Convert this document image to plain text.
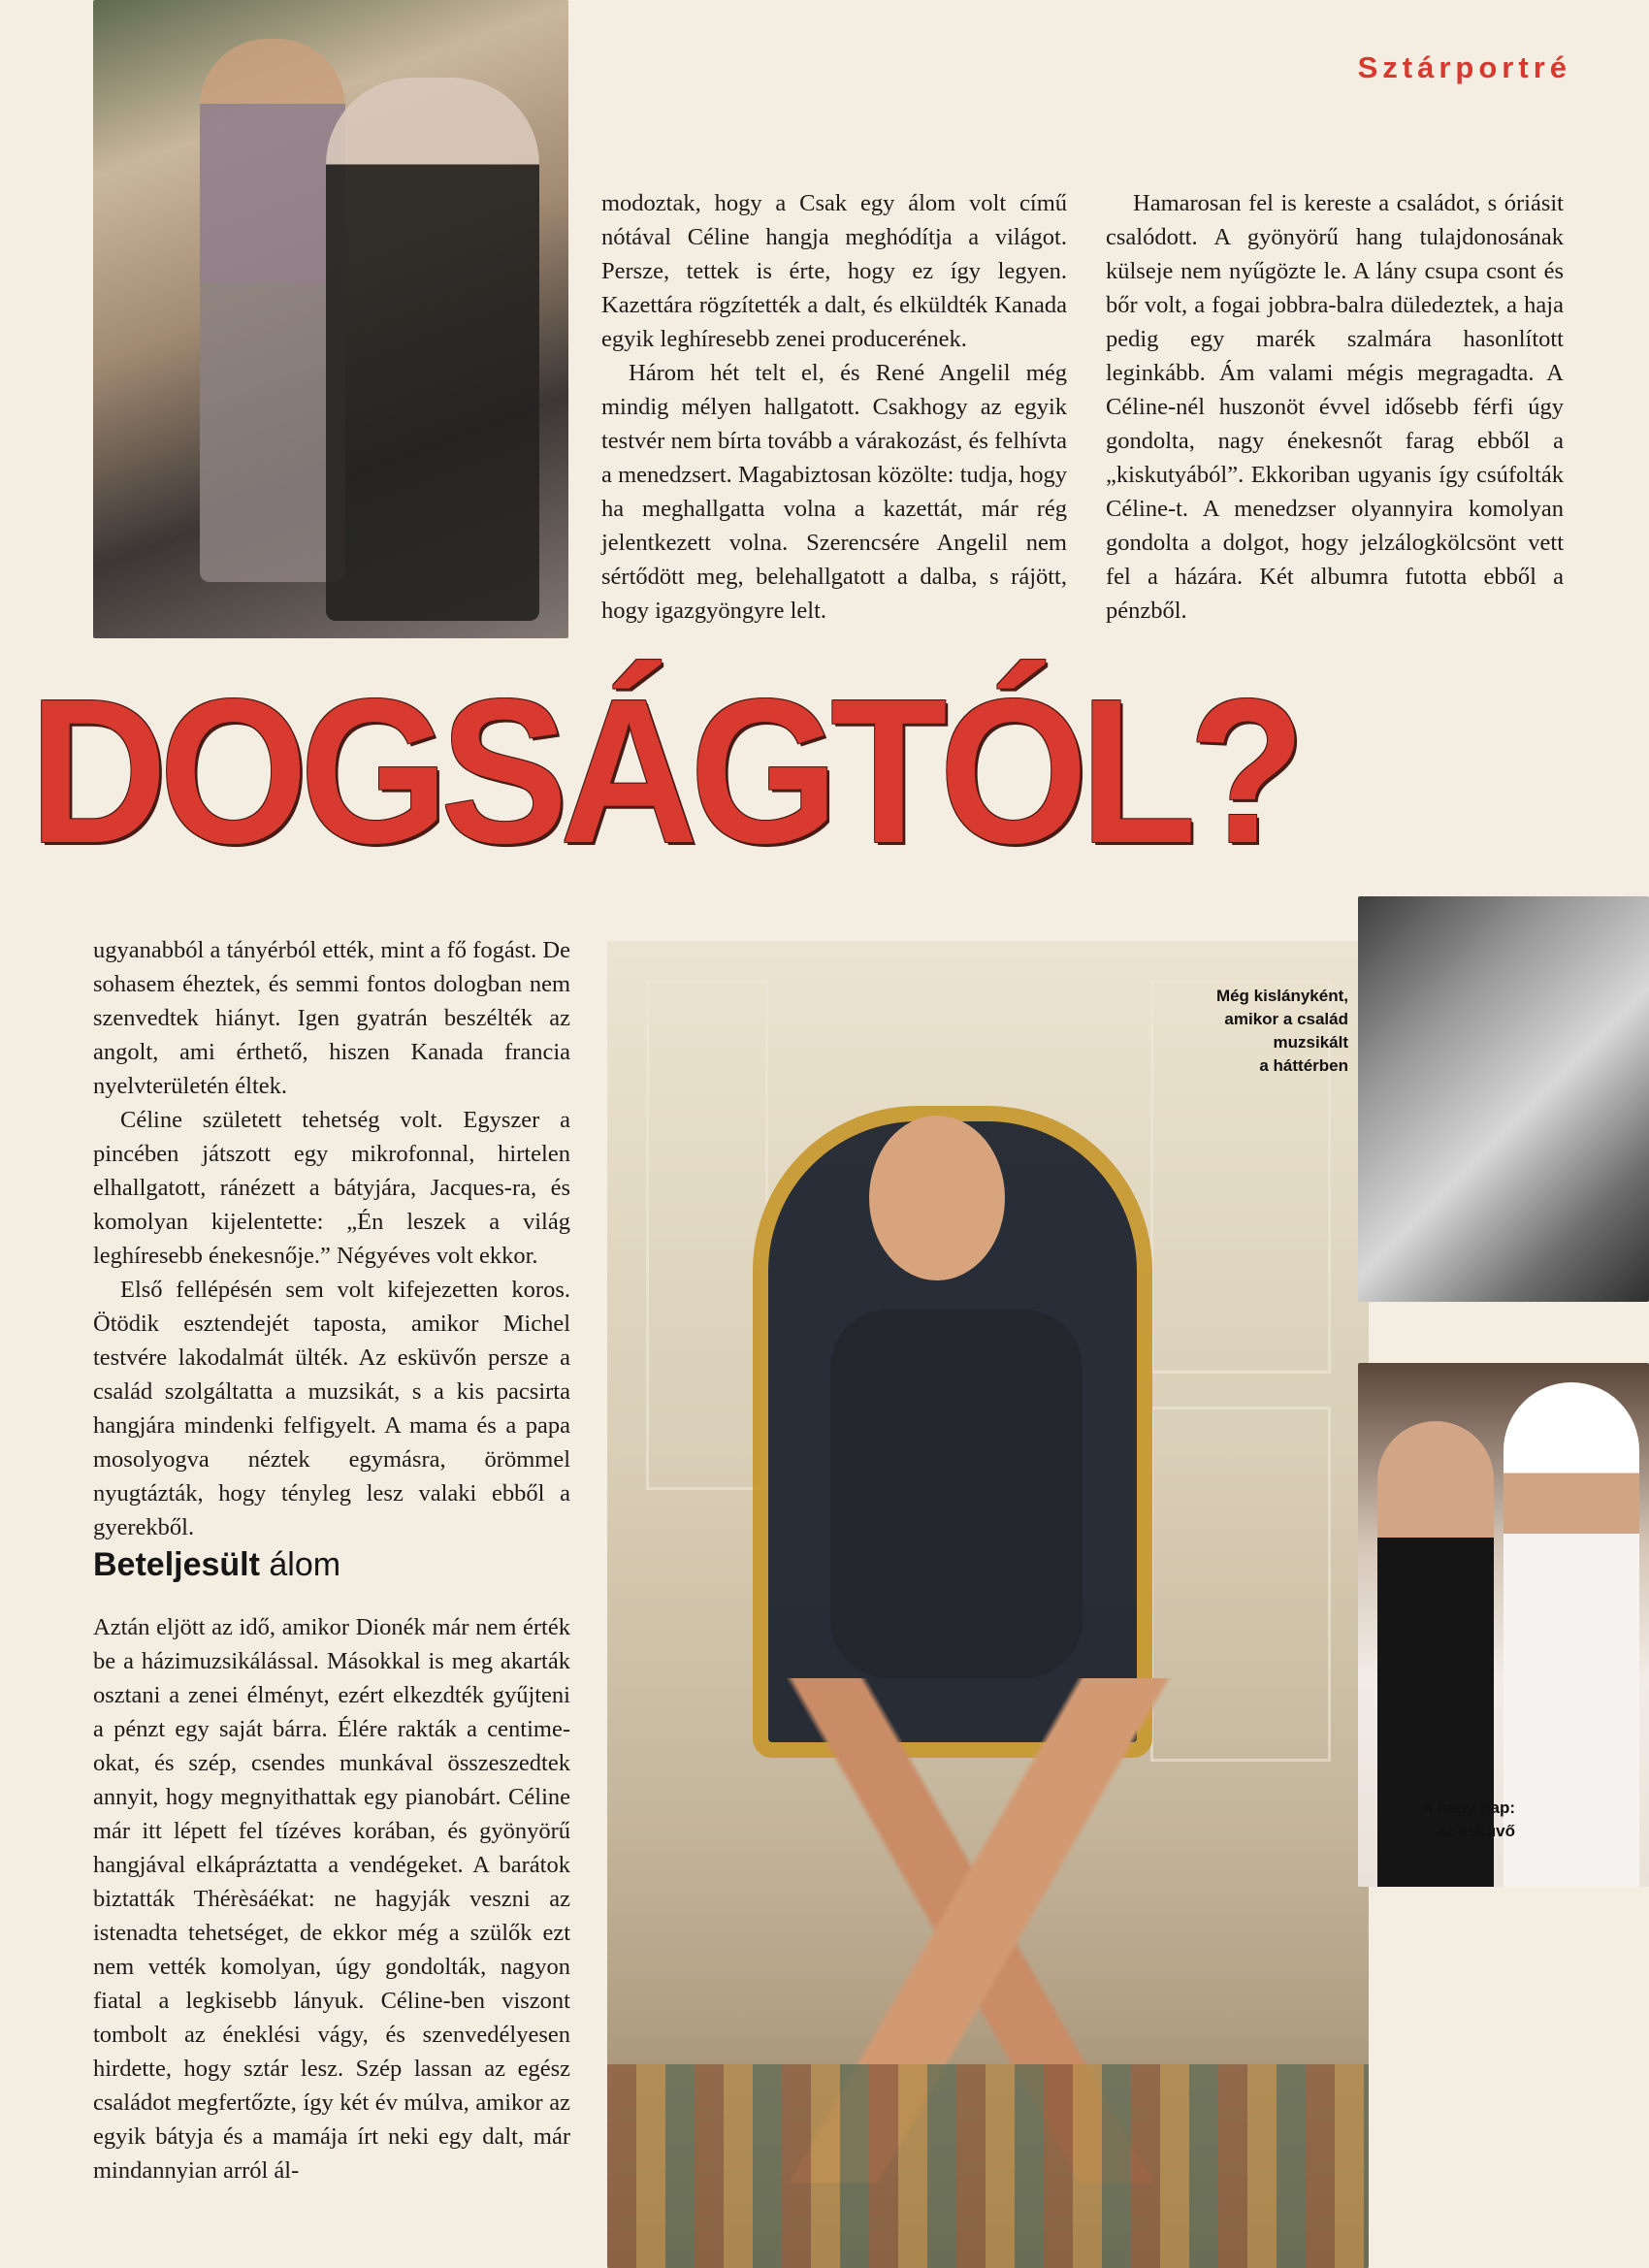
Sztárportré

modoztak, hogy a Csak egy álom volt című nótával Céline hangja meghódítja a világot. Persze, tettek is érte, hogy ez így legyen. Kazettára rögzítették a dalt, és elküldték Kanada egyik leghíresebb zenei producerének.

Három hét telt el, és René Angelil még mindig mélyen hallgatott. Csakhogy az egyik testvér nem bírta tovább a várakozást, és felhívta a menedzsert. Magabiztosan közölte: tudja, hogy ha meghallgatta volna a kazettát, már rég jelentkezett volna. Szerencsére Angelil nem sértődött meg, belehallgatott a dalba, s rájött, hogy igazgyöngyre lelt.

Hamarosan fel is kereste a családot, s óriásit csalódott. A gyönyörű hang tulajdonosának külseje nem nyűgözte le. A lány csupa csont és bőr volt, a fogai jobbra-balra düledeztek, a haja pedig egy marék szalmára hasonlított leginkább. Ám valami mégis megragadta. A Céline-nél huszonöt évvel idősebb férfi úgy gondolta, nagy énekesnőt farag ebből a „kiskutyából”. Ekkoriban ugyanis így csúfolták Céline-t. A menedzser olyannyira komolyan gondolta a dolgot, hogy jelzálogkölcsönt vett fel a házára. Két albumra futotta ebből a pénzből.

DOGSÁGTÓL?
Még kislányként,
amikor a család
muzsikált
a háttérben
A nagy nap:
az esküvő

ugyanabból a tányérból ették, mint a fő fogást. De sohasem éheztek, és semmi fontos dologban nem szenvedtek hiányt. Igen gyatrán beszélték az angolt, ami érthető, hiszen Kanada francia nyelvterületén éltek.

Céline született tehetség volt. Egyszer a pincében játszott egy mikrofonnal, hirtelen elhallgatott, ránézett a bátyjára, Jacques-ra, és komolyan kijelentette: „Én leszek a világ leghíresebb énekesnője.” Négyéves volt ekkor.

Első fellépésén sem volt kifejezetten koros. Ötödik esztendejét taposta, amikor Michel testvére lakodalmát ülték. Az esküvőn persze a család szolgáltatta a muzsikát, s a kis pacsirta hangjára mindenki felfigyelt. A mama és a papa mosolyogva néztek egymásra, örömmel nyugtázták, hogy tényleg lesz valaki ebből a gyerekből.

Beteljesült álom

Aztán eljött az idő, amikor Dionék már nem érték be a házimuzsikálással. Másokkal is meg akarták osztani a zenei élményt, ezért elkezdték gyűjteni a pénzt egy saját bárra. Élére rakták a centime-okat, és szép, csendes munkával összeszedtek annyit, hogy megnyithattak egy pianobárt. Céline már itt lépett fel tízéves korában, és gyönyörű hangjával elkápráztatta a vendégeket. A barátok biztatták Thérèsáékat: ne hagyják veszni az istenadta tehetséget, de ekkor még a szülők ezt nem vették komolyan, úgy gondolták, nagyon fiatal a legkisebb lányuk. Céline-ben viszont tombolt az éneklési vágy, és szenvedélyesen hirdette, hogy sztár lesz. Szép lassan az egész családot megfertőzte, így két év múlva, amikor az egyik bátyja és a mamája írt neki egy dalt, már mindannyian arról ál-
